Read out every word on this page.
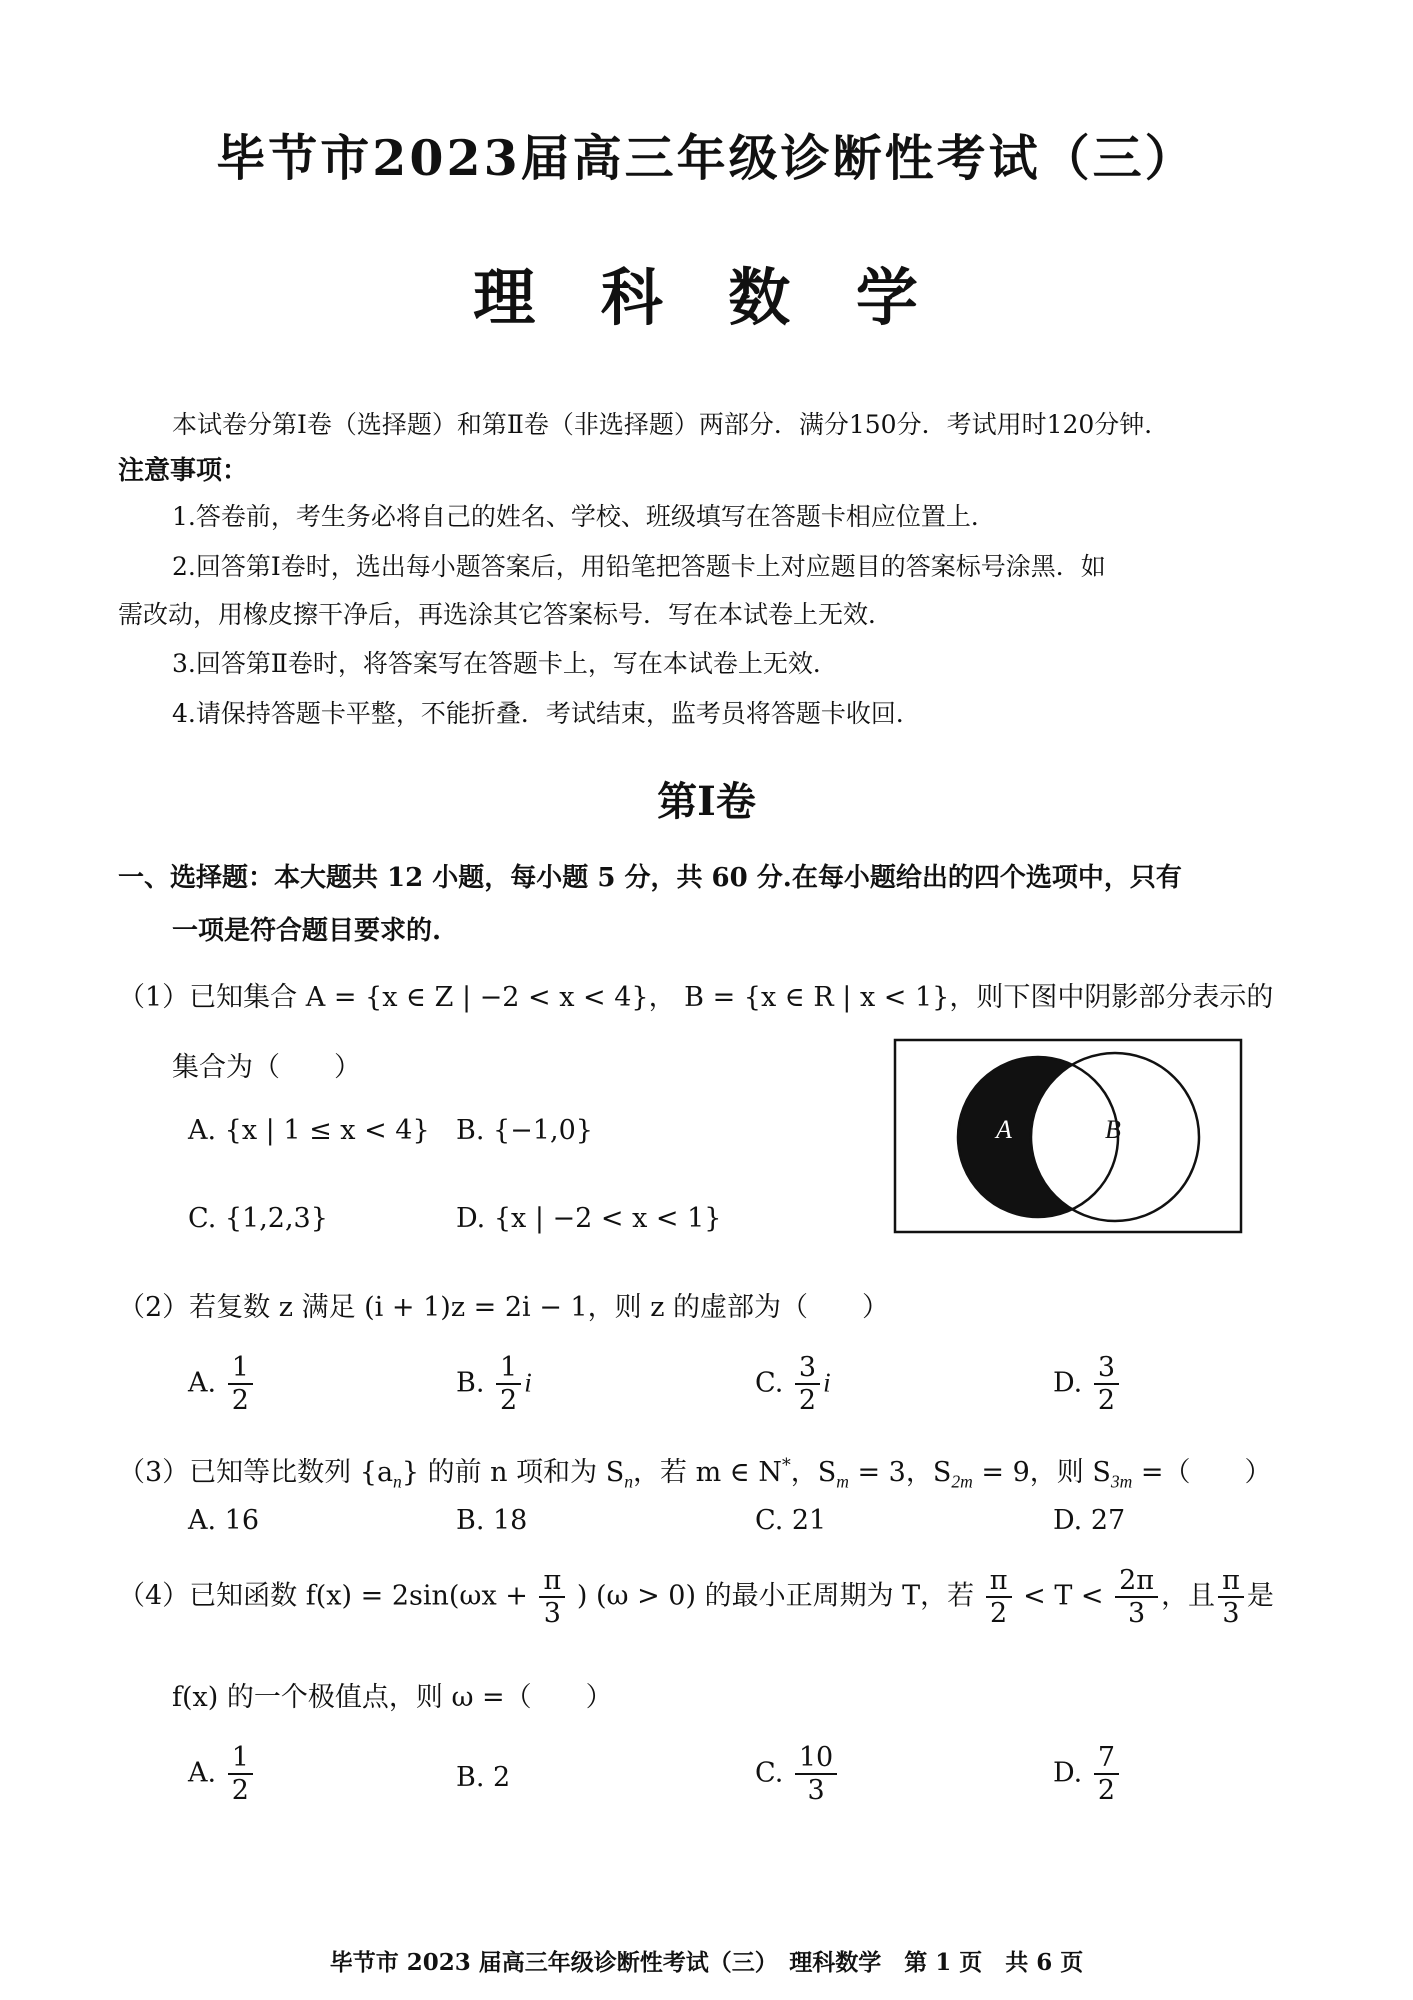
毕节市2023届高三年级诊断性考试（三）
理 科 数 学
本试卷分第Ⅰ卷（选择题）和第Ⅱ卷（非选择题）两部分．满分150分．考试用时120分钟．
注意事项：
1.答卷前，考生务必将自己的姓名、学校、班级填写在答题卡相应位置上．
2.回答第Ⅰ卷时，选出每小题答案后，用铅笔把答题卡上对应题目的答案标号涂黑．如
需改动，用橡皮擦干净后，再选涂其它答案标号．写在本试卷上无效．
3.回答第Ⅱ卷时，将答案写在答题卡上，写在本试卷上无效．
4.请保持答题卡平整，不能折叠．考试结束，监考员将答题卡收回．
第Ⅰ卷
一、选择题：本大题共 12 小题，每小题 5 分，共 60 分.在每小题给出的四个选项中，只有
一项是符合题目要求的.
（1）已知集合 A = {x ∈ Z | −2 < x < 4}， B = {x ∈ R | x < 1}，则下图中阴影部分表示的
集合为（　　）
A. {x | 1 ≤ x < 4} B. {−1,0}
C. {1,2,3}	D. {x | −2 < x < 1}
A	B
（2）若复数 z 满足 (i + 1)z = 2i − 1，则 z 的虚部为（　　）
A. $\frac{1}{2}$	B. $\frac{1}{2}$ i	C. $\frac{3}{2}$ i	D. $\frac{3}{2}$
（3）已知等比数列 $\{a_n\}$ 的前 n 项和为 $S_n$，若 m ∈ N*，$S_m = 3$，$S_{2m} = 9$，则 $S_{3m}$ =（　　）
A. 16	B. 18	C. 21	D. 27
（4）已知函数 $f(x) = 2\sin(\omega x + \frac{\pi}{3}$ ) (ω > 0) 的最小正周期为 T，若 $\frac{\pi}{2} < T < \frac{2\pi}{3}$ ，且 $\frac{\pi}{3}$ 是
f(x) 的一个极值点，则 ω =（　　）
A. $\frac{1}{2}$	B. 2	C. $\frac{10}{3}$	D. $\frac{7}{2}$
毕节市 2023 届高三年级诊断性考试（三）　理科数学　第 1 页　共 6 页
